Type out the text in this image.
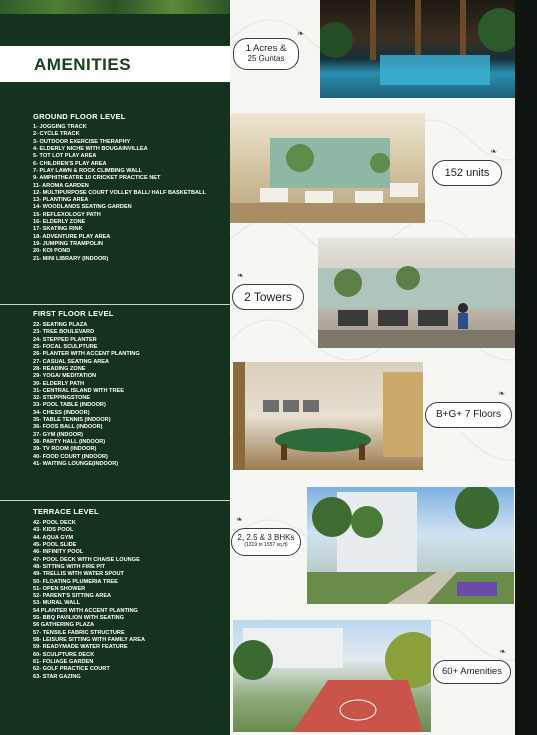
AMENITIES
GROUND FLOOR LEVEL
1- JOGGING TRACK
2- CYCLE TRACK
3- OUTDOOR EXERCISE THERAPHY
4- ELDERLY NICHE WITH BOUGAINVILLEA
5- TOT LOT PLAY AREA
6- CHILDREN'S PLAY AREA
7- PLAY LAWN & ROCK CLIMBING WALL
9- AMPHITHEATRE 10 CRICKET PRACTICE NET
11- AROMA GARDEN
12- MULTIPURPOSE COURT VOLLEY BALL/ HALF BASKETBALL
13- PLANTING AREA
14- WOODLANDS SEATING GARDEN
15- REFLEXOLOGY PATH
16- ELDERLY ZONE
17- SKATING RINK
18- ADVENTURE PLAY AREA
19- JUMPING TRAMPOLIN
20- KOI POND
21- MINI LIBRARY (INDOOR)
FIRST FLOOR LEVEL
22- SEATING PLAZA
23- TREE BOULEVARD
24- STEPPED PLANTER
25- FOCAL SCULPTURE
26- PLANTER WITH ACCENT PLANTING
27- CASUAL SEATING AREA
28- READING ZONE
29- YOGA/ MEDITATION
30- ELDERLY PATH
31- CENTRAL ISLAND WITH TREE
32- STEPPINGSTONE
33- POOL TABLE (INDOOR)
34- CHESS (INDOOR)
35- TABLE TENNIS (INDOOR)
36- FOOS BALL (INDOOR)
37- GYM (INDOOR)
38- PARTY HALL (INDOOR)
39- TV ROOM (INDOOR)
40- FOOD COURT (INDOOR)
41- WAITING LOUNGE(INDOOR)
TERRACE LEVEL
42- POOL DECK
43- KIDS POOL
44- AQUA GYM
45- POOL SLIDE
46- INFINITY POOL
47- POOL DECK WITH CHAISE LOUNGE
48- SITTING WITH FIRE PIT
49- TRELLIS WITH WATER SPOUT
50- FLOATING PLUMERIA TREE
51- OPEN SHOWER
52- PARENT'S SITTING AREA
53- MURAL WALL
54 PLANTER WITH ACCENT PLANTING
55- BBQ PAVILION WITH SEATING
56 GATHERING PLAZA
57- TENSILE FABRIC STRUCTURE
58- LEISURE SITTING WITH FAMILY AREA
59- READYMADE WATER FEATURE
60- SCULPTURE DECK
61- FOLIAGE GARDEN
62- GOLF PRACTICE COURT
63- STAR GAZING
1 Acres &
25 Guntas
❧
152 units
❧
2 Towers
❧
B+G+ 7 Floors
❧
2, 2.5 & 3 BHKs
(1319 to 1557 sq.ft)
❧
60+ Amenities
❧
